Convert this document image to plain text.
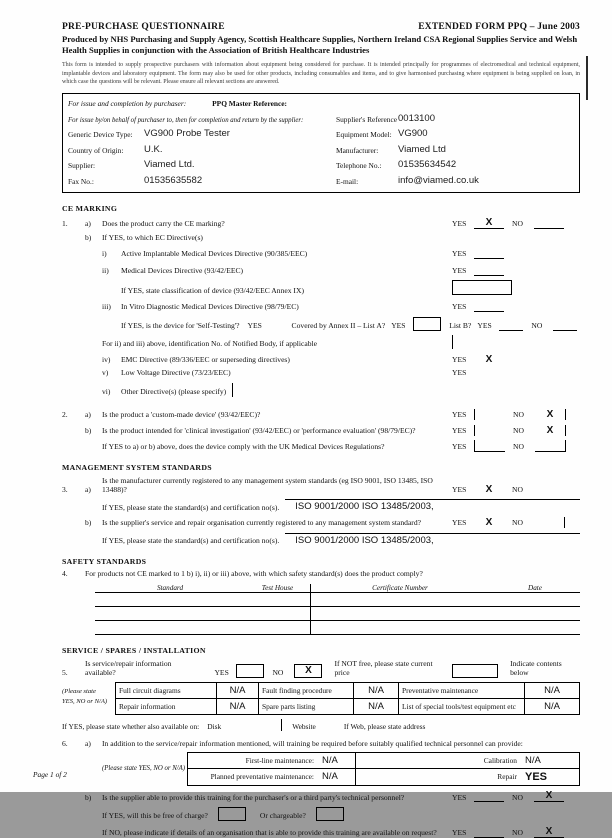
PRE-PURCHASE QUESTIONNAIRE	EXTENDED FORM PPQ – June 2003
Produced by NHS Purchasing and Supply Agency, Scottish Healthcare Supplies, Northern Ireland CSA Regional Supplies Service and Welsh Health Supplies in conjunction with the Association of British Healthcare Industries
This form is intended to supply prospective purchasers with information about equipment being considered for purchase. It is intended principally for programmes of electromedical and technical equipment, implantable devices and laboratory equipment. The form may also be used for other products, including consumables and items, and to give harmonised purchasing where equipment is being supplied on loan, in which case the questions will be relevant. Please ensure all relevant sections are answered.
For issue and completion by purchaser:	PPQ Master Reference:
For issue by/on behalf of purchaser to, then for completion and return by the supplier:	Supplier's Reference 0013100
Generic Device Type:	VG900 Probe Tester	Equipment Model: VG900
Country of Origin:	U.K.	Manufacturer:	Viamed Ltd
Supplier:	Viamed Ltd.	Telephone No.:	01535634542
Fax No.:	01535635582	E-mail:	info@viamed.co.uk
CE MARKING
1.	a)	Does the product carry the CE marking?	YES	X	NO
b)	If YES, to which EC Directive(s)
i)	Active Implantable Medical Devices Directive (90/385/EEC)	YES
ii)	Medical Devices Directive (93/42/EEC)	YES
If YES, state classification of device (93/42/EEC Annex IX)
iii)	In Vitro Diagnostic Medical Devices Directive (98/79/EC)	YES
If YES, is the device for 'Self-Testing'? YES	Covered by Annex II – List A? YES	List B? YES	NO
For ii) and iii) above, identification No. of Notified Body, if applicable
iv)	EMC Directive (89/336/EEC or superseding directives)	YES	X
v)	Low Voltage Directive (73/23/EEC)	YES
vi)	Other Directive(s) (please specify)
2.	a)	Is the product a 'custom-made device' (93/42/EEC)?	YES	NO	X
b)	Is the product intended for 'clinical investigation' (93/42/EEC) or 'performance evaluation' (98/79/EC)?	YES	NO	X
If YES to a) or b) above, does the device comply with the UK Medical Devices Regulations?	YES	NO
MANAGEMENT SYSTEM STANDARDS
3.	a)
Is the manufacturer currently registered to any management system standards (eg ISO 9001, ISO 13485, ISO 13488)?	YES	X	NO
If YES, please state the standard(s) and certification no(s).	ISO 9001/2000 ISO 13485/2003,
b)	Is the supplier's service and repair organisation currently registered to any management system standard?	YES	X	NO
If YES, please state the standard(s) and certification no(s).	ISO 9001/2000 ISO 13485/2003,
SAFETY STANDARDS
4.	For products not CE marked to 1 b) i), ii) or iii) above, with which safety standard(s) does the product comply?
Standard	Test House	Certificate Number	Date
SERVICE / SPARES / INSTALLATION
5.
Is service/repair information available?	YES	NO	X
If NOT free, please state current price
Indicate contents below
(Please state
YES, NO or N/A)
Full circuit diagrams	N/A	Fault finding procedure	N/A	Preventative maintenance	N/A
Repair information	N/A	Spare parts listing	N/A	List of special tools/test equipment etc	N/A
If YES, please state whether also available on: Disk	Website	If Web, please state address
6.	a)	In addition to the service/repair information mentioned, will training be required before suitably qualified technical personnel can provide:
(Please state YES, NO or N/A)
First-line maintenance: N/A	Calibration N/A
Planned preventative maintenance: N/A	Repair YES
b)	Is the supplier able to provide this training for the purchaser's or a third party's technical personnel?	YES	NO	X
If YES, will this be free of charge?	Or chargeable?
If NO, please indicate if details of an organisation that is able to provide this training are available on request?	YES	NO	X
Page 1 of 2
